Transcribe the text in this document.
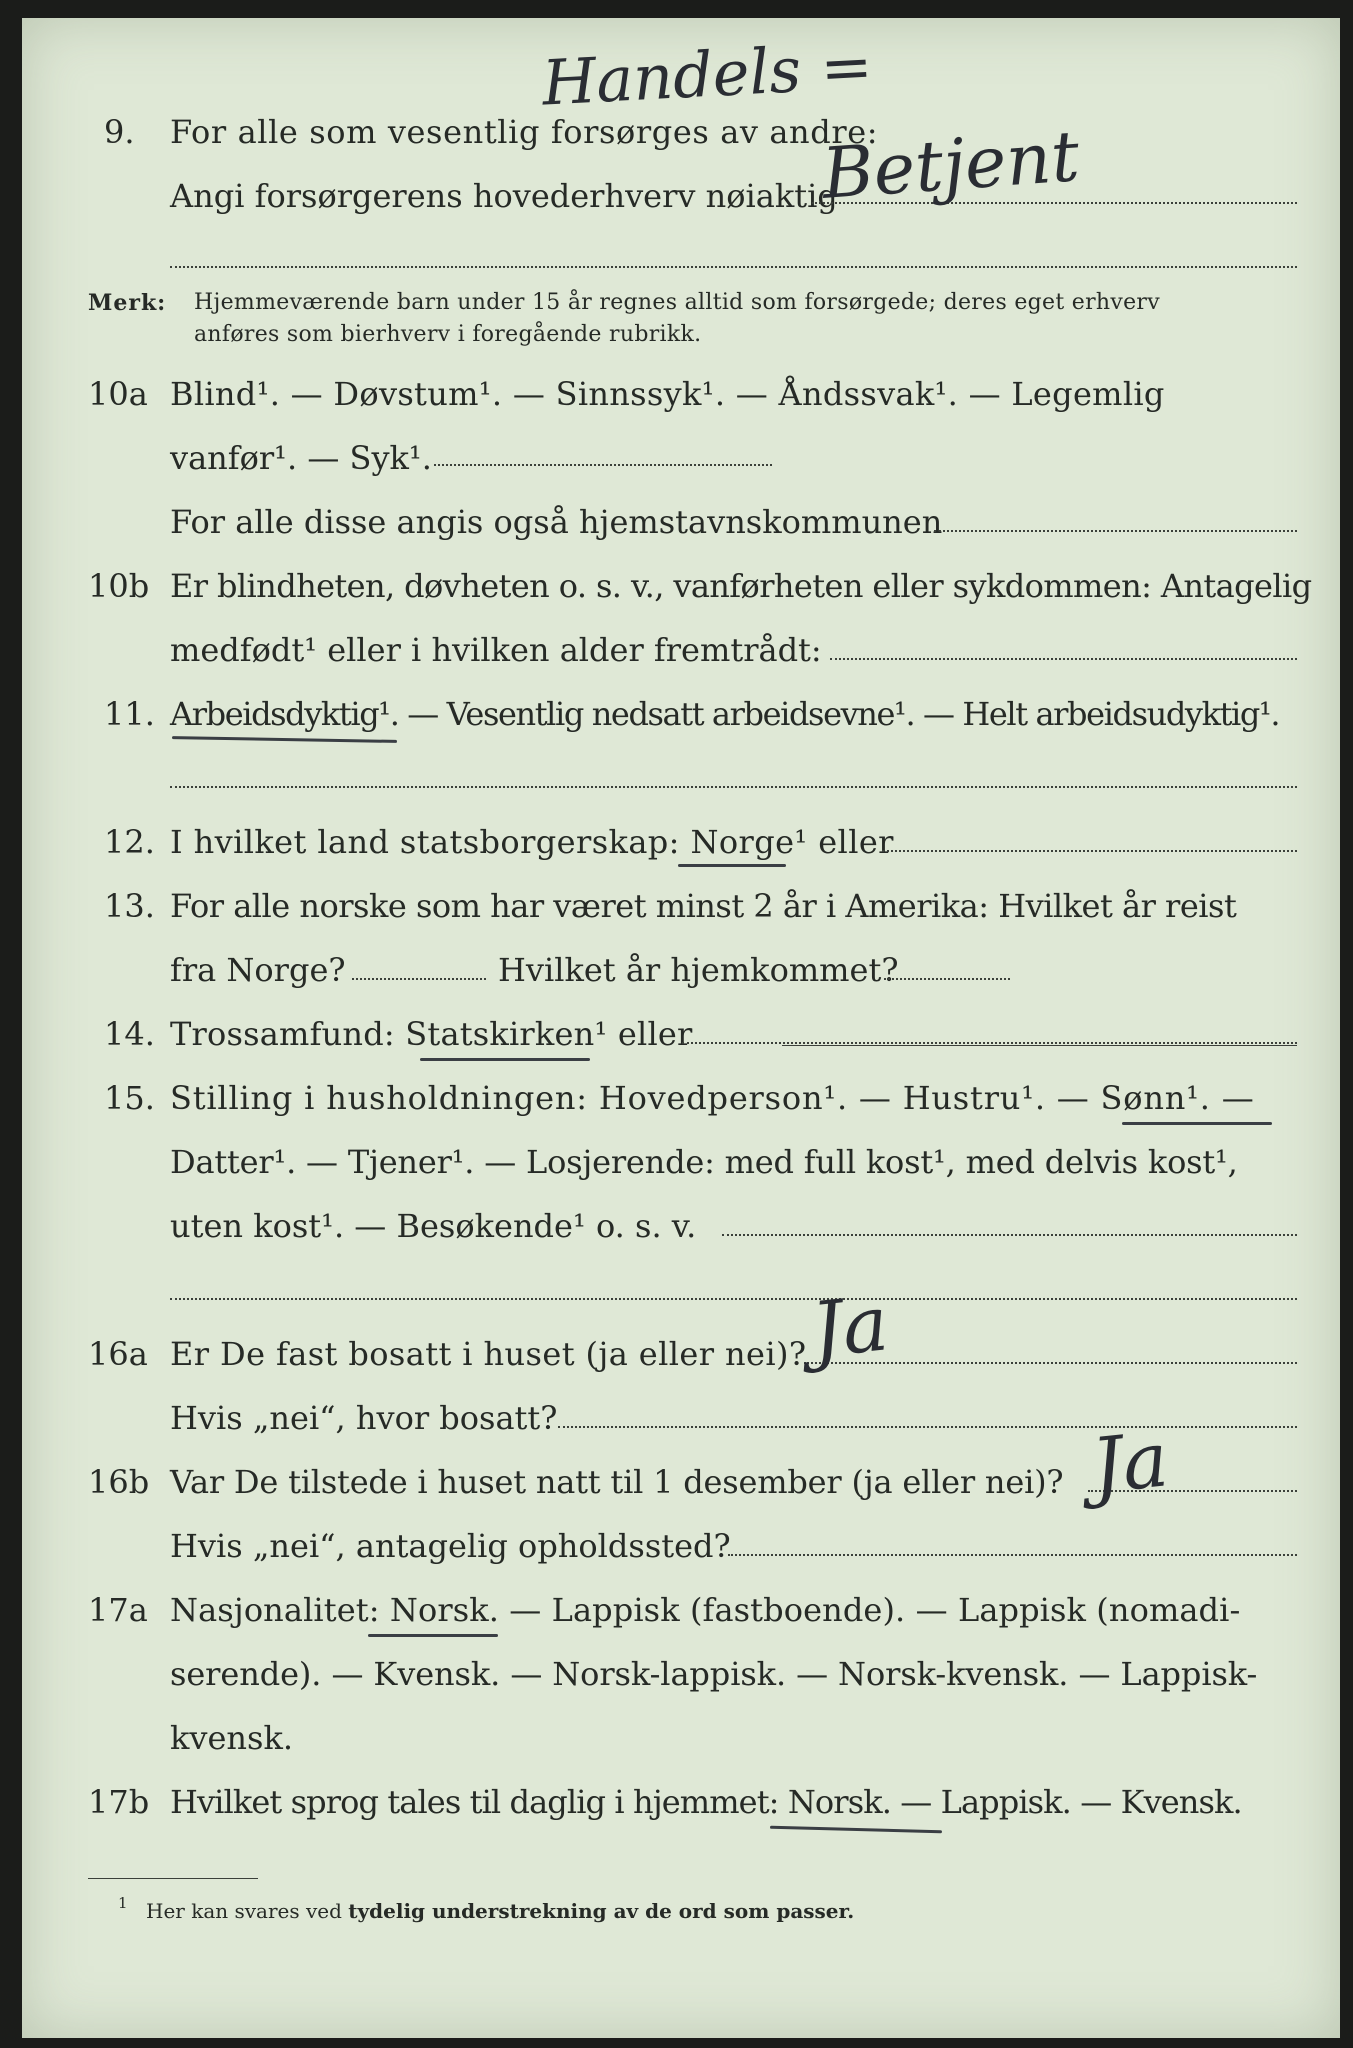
Handels =
9. For alle som vesentlig forsørges av andre:
Angi forsørgerens hovederhverv nøiaktig
Betjent
Merk: Hjemmeværende barn under 15 år regnes alltid som forsørgede; deres eget erhverv
anføres som bierhverv i foregående rubrikk.
10a Blind¹. — Døvstum¹. — Sinnssyk¹. — Åndssvak¹. — Legemlig
vanfør¹. — Syk¹.
For alle disse angis også hjemstavnskommunen
10b Er blindheten, døvheten o. s. v., vanførheten eller sykdommen: Antagelig
medfødt¹ eller i hvilken alder fremtrådt:
11. Arbeidsdyktig¹. — Vesentlig nedsatt arbeidsevne¹. — Helt arbeidsudyktig¹.
12. I hvilket land statsborgerskap: Norge¹ eller
13. For alle norske som har været minst 2 år i Amerika: Hvilket år reist
fra Norge?	Hvilket år hjemkommet?
14. Trossamfund: Statskirken¹ eller
15. Stilling i husholdningen: Hovedperson¹. — Hustru¹. — Sønn¹. —
Datter¹. — Tjener¹. — Losjerende: med full kost¹, med delvis kost¹,
uten kost¹. — Besøkende¹ o. s. v.
16a Er De fast bosatt i huset (ja eller nei)? Ja
Hvis „nei“, hvor bosatt?
16b Var De tilstede i huset natt til 1 desember (ja eller nei)? Ja
Hvis „nei“, antagelig opholdssted?
17a Nasjonalitet: Norsk. — Lappisk (fastboende). — Lappisk (nomadi-
serende). — Kvensk. — Norsk-lappisk. — Norsk-kvensk. — Lappisk-
kvensk.
17b Hvilket sprog tales til daglig i hjemmet: Norsk. — Lappisk. — Kvensk.
1 Her kan svares ved tydelig understrekning av de ord som passer.
